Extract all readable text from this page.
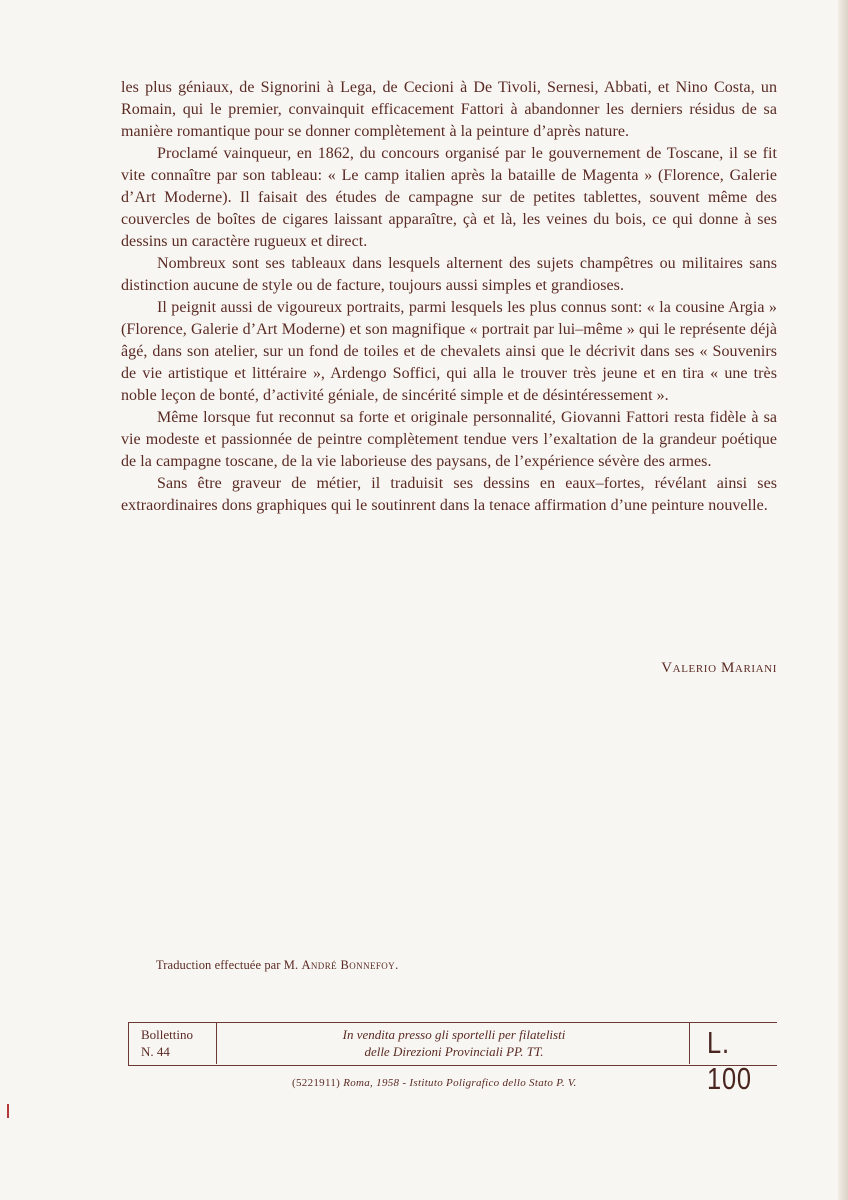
les plus géniaux, de Signorini à Lega, de Cecioni à De Tivoli, Sernesi, Abbati, et Nino Costa, un Romain, qui le premier, convainquit efficacement Fattori à abandonner les derniers résidus de sa manière romantique pour se donner complètement à la peinture d’après nature.

Proclamé vainqueur, en 1862, du concours organisé par le gouvernement de Toscane, il se fit vite connaître par son tableau: « Le camp italien après la bataille de Magenta » (Florence, Galerie d’Art Moderne). Il faisait des études de campagne sur de petites tablettes, souvent même des couvercles de boîtes de cigares laissant apparaître, çà et là, les veines du bois, ce qui donne à ses dessins un caractère rugueux et direct.

Nombreux sont ses tableaux dans lesquels alternent des sujets champêtres ou militaires sans distinction aucune de style ou de facture, toujours aussi simples et grandioses.

Il peignit aussi de vigoureux portraits, parmi lesquels les plus connus sont: « la cousine Argia » (Florence, Galerie d’Art Moderne) et son magnifique « portrait par lui–même » qui le représente déjà âgé, dans son atelier, sur un fond de toiles et de chevalets ainsi que le décrivit dans ses « Souvenirs de vie artistique et littéraire », Ardengo Soffici, qui alla le trouver très jeune et en tira « une très noble leçon de bonté, d’activité géniale, de sincérité simple et de désintéressement ».

Même lorsque fut reconnut sa forte et originale personnalité, Giovanni Fattori resta fidèle à sa vie modeste et passionnée de peintre complètement tendue vers l’exaltation de la grandeur poétique de la campagne toscane, de la vie laborieuse des paysans, de l’expérience sévère des armes.

Sans être graveur de métier, il traduisit ses dessins en eaux–fortes, révélant ainsi ses extraordinaires dons graphiques qui le soutinrent dans la tenace affirmation d’une peinture nouvelle.

Valerio Mariani
Traduction effectuée par M. André Bonnefoy.
Bollettino
N. 44
In vendita presso gli sportelli per filatelisti
delle Direzioni Provinciali PP. TT.	L. 100
(5221911) Roma, 1958 - Istituto Poligrafico dello Stato P. V.
